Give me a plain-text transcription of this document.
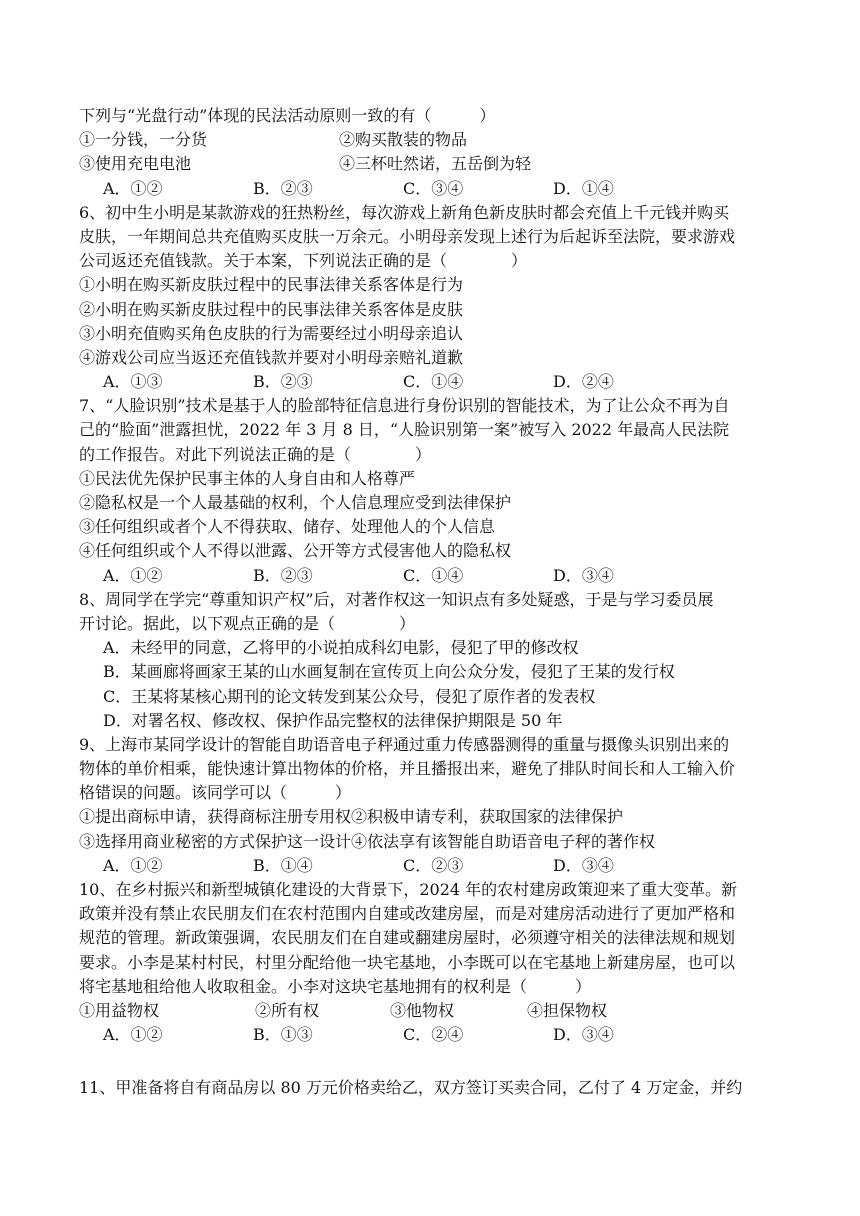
下列与“光盘行动”体现的民法活动原则一致的有（　　　）
①一分钱，一分货	②购买散装的物品
③使用充电电池	④三杯吐然诺，五岳倒为轻
A．①②	B．②③	C．③④	D．①④
6、初中生小明是某款游戏的狂热粉丝，每次游戏上新角色新皮肤时都会充值上千元钱并购买
皮肤，一年期间总共充值购买皮肤一万余元。小明母亲发现上述行为后起诉至法院，要求游戏
公司返还充值钱款。关于本案，下列说法正确的是（　　　　）
①小明在购买新皮肤过程中的民事法律关系客体是行为
②小明在购买新皮肤过程中的民事法律关系客体是皮肤
③小明充值购买角色皮肤的行为需要经过小明母亲追认
④游戏公司应当返还充值钱款并要对小明母亲赔礼道歉
A．①③	B．②③	C．①④	D．②④
7、“人脸识别”技术是基于人的脸部特征信息进行身份识别的智能技术，为了让公众不再为自
己的“脸面”泄露担忧，2022 年 3 月 8 日，“人脸识别第一案”被写入 2022 年最高人民法院
的工作报告。对此下列说法正确的是（　　　　）
①民法优先保护民事主体的人身自由和人格尊严
②隐私权是一个人最基础的权利，个人信息理应受到法律保护
③任何组织或者个人不得获取、储存、处理他人的个人信息
④任何组织或个人不得以泄露、公开等方式侵害他人的隐私权
A．①②	B．②③	C．①④	D．③④
8、周同学在学完“尊重知识产权”后，对著作权这一知识点有多处疑惑，于是与学习委员展
开讨论。据此，以下观点正确的是（　　　　）
A．未经甲的同意，乙将甲的小说拍成科幻电影，侵犯了甲的修改权
B．某画廊将画家王某的山水画复制在宣传页上向公众分发，侵犯了王某的发行权
C．王某将某核心期刊的论文转发到某公众号，侵犯了原作者的发表权
D．对署名权、修改权、保护作品完整权的法律保护期限是 50 年
9、上海市某同学设计的智能自助语音电子秤通过重力传感器测得的重量与摄像头识别出来的
物体的单价相乘，能快速计算出物体的价格，并且播报出来，避免了排队时间长和人工输入价
格错误的问题。该同学可以（　　　）
①提出商标申请，获得商标注册专用权②积极申请专利，获取国家的法律保护
③选择用商业秘密的方式保护这一设计④依法享有该智能自助语音电子秤的著作权
A．①②	B．①④	C．②③	D．③④
10、在乡村振兴和新型城镇化建设的大背景下，2024 年的农村建房政策迎来了重大变革。新
政策并没有禁止农民朋友们在农村范围内自建或改建房屋，而是对建房活动进行了更加严格和
规范的管理。新政策强调，农民朋友们在自建或翻建房屋时，必须遵守相关的法律法规和规划
要求。小李是某村村民，村里分配给他一块宅基地，小李既可以在宅基地上新建房屋，也可以
将宅基地租给他人收取租金。小李对这块宅基地拥有的权利是（　　　）
①用益物权	②所有权	③他物权	④担保物权
A．①②	B．①③	C．②④	D．③④
11、甲准备将自有商品房以 80 万元价格卖给乙，双方签订买卖合同，乙付了 4 万定金，并约
